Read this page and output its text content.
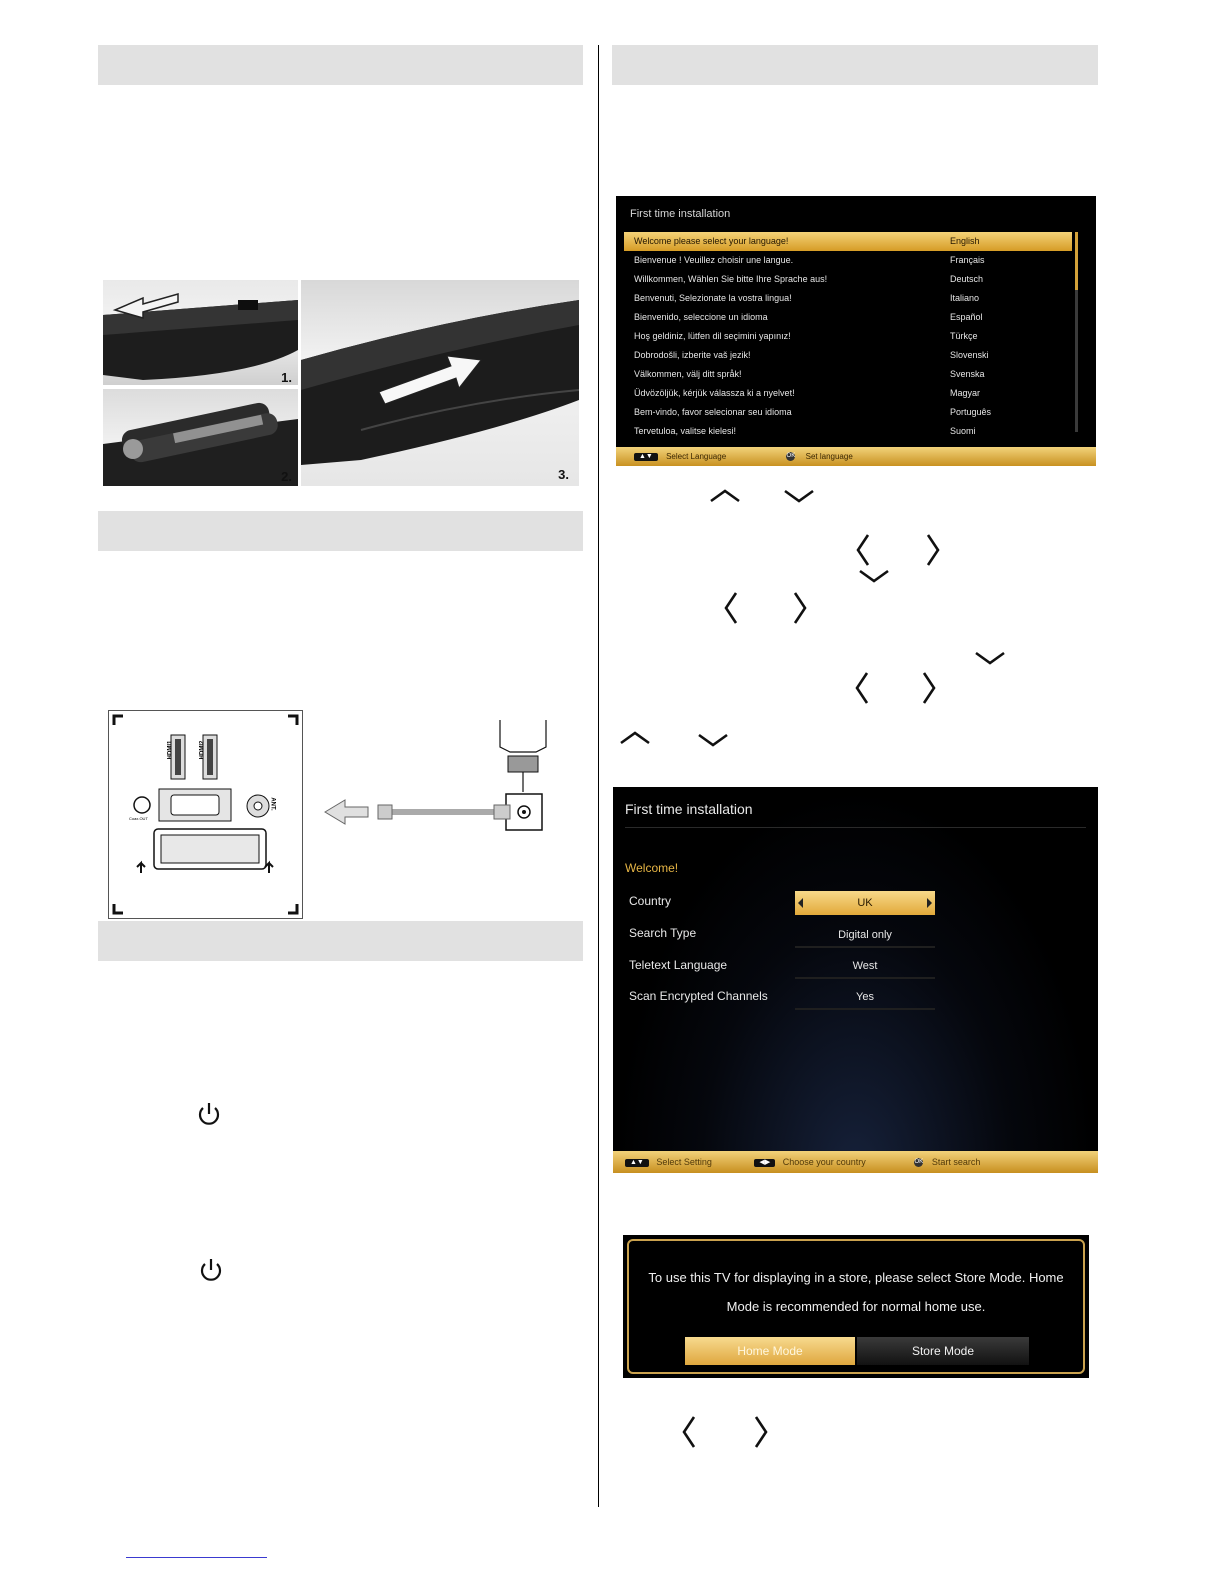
1.
2.	3.
HDMI1	HDMI2
ANT.
Coax.OUT
First time installation
Welcome please select your language!	English
Bienvenue ! Veuillez choisir une langue.	Français
Willkommen, Wählen Sie bitte Ihre Sprache aus!	Deutsch
Benvenuti, Selezionate la vostra lingua!	Italiano
Bienvenido, seleccione un idioma	Español
Hoş geldiniz, lütfen dil seçimini yapınız!	Türkçe
Dobrodošli, izberite vaš jezik!	Slovenski
Välkommen, välj ditt språk!	Svenska
Üdvözöljük, kérjük válassza ki a nyelvet!	Magyar
Bem-vindo, favor selecionar seu idioma	Português
Tervetuloa, valitse kielesi!	Suomi
▲▼ Select Language	OK Set language
First time installation
Welcome!
Country	UK
Search Type	Digital only
Teletext Language	West
Scan Encrypted Channels	Yes
▲▼ Select Setting	◀▶ Choose your country	OK Start search
To use this TV for displaying in a store, please select Store Mode. Home Mode is recommended for normal home use.
Home Mode	Store Mode
